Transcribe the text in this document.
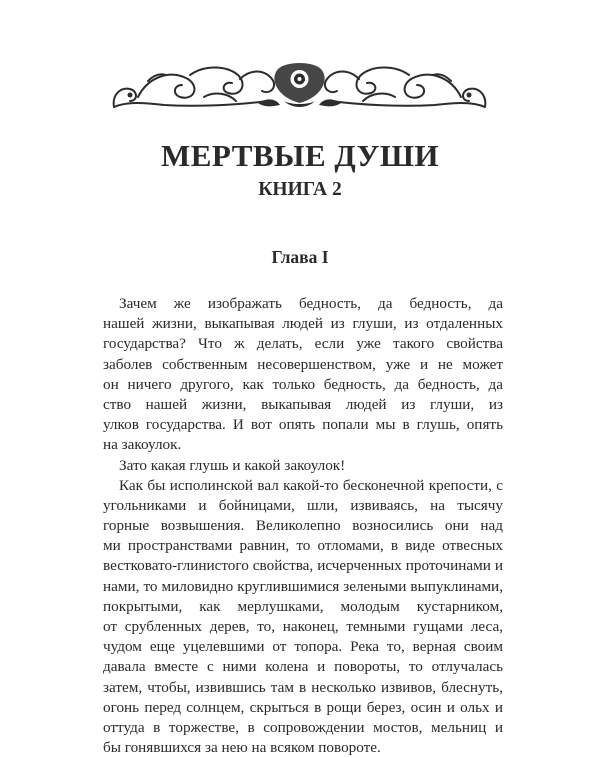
МЕРТВЫЕ ДУШИ
КНИГА 2
Глава I

Зачем же изображать бедность, да бедность, да
нашей жизни, выкапывая людей из глуши, из отдаленных
государства? Что ж делать, если уже такого свойства
заболев собственным несовершенством, уже и не может
он ничего другого, как только бедность, да бедность, да
ство нашей жизни, выкапывая людей из глуши, из
улков государства. И вот опять попали мы в глушь, опять
на закоулок.

Зато какая глушь и какой закоулок!

Как бы исполинской вал какой-то бесконечной крепости, с
угольниками и бойницами, шли, извиваясь, на тысячу
горные возвышения. Великолепно возносились они над
ми пространствами равнин, то отломами, в виде отвесных
вестковато-глинистого свойства, исчерченных проточинами и
нами, то миловидно круглившимися зелеными выпуклинами,
покрытыми, как мерлушками, молодым кустарником,
от срубленных дерев, то, наконец, темными гущами леса,
чудом еще уцелевшими от топора. Река то, верная своим
давала вместе с ними колена и повороты, то отлучалась
затем, чтобы, извившись там в несколько извивов, блеснуть,
огонь перед солнцем, скрыться в рощи берез, осин и ольх и
оттуда в торжестве, в сопровождении мостов, мельниц и
бы гонявшихся за нею на всяком повороте.
